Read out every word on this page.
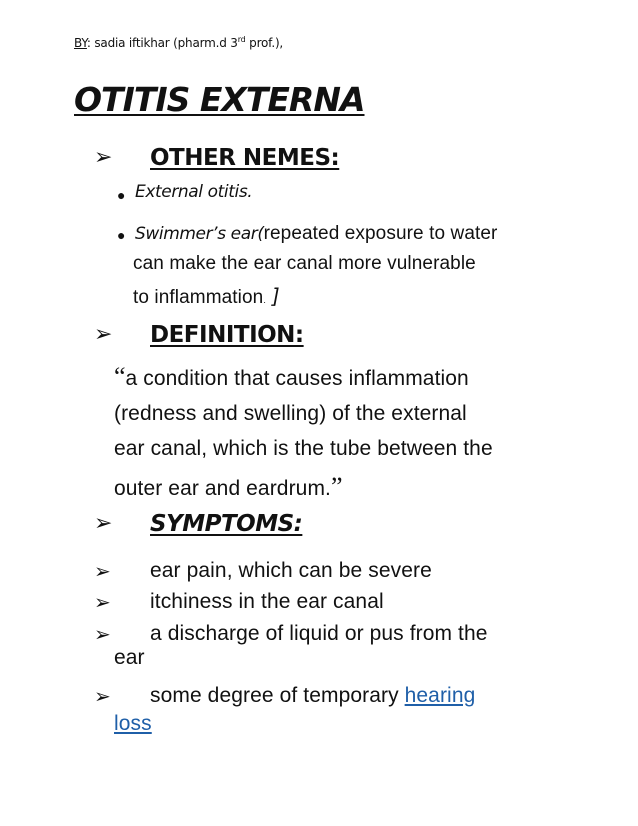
BY: sadia iftikhar (pharm.d 3rd prof.),
OTITIS EXTERNA
➢ OTHER NEMES:
● External otitis.
● Swimmer’s ear(repeated exposure to water
can make the ear canal more vulnerable
to inflammation. ]
➢ DEFINITION:
“a condition that causes inflammation
(redness and swelling) of the external
ear canal, which is the tube between the
outer ear and eardrum.”
➢ SYMPTOMS:
➢ ear pain, which can be severe
➢ itchiness in the ear canal
➢ a discharge of liquid or pus from the
ear
➢ some degree of temporary hearing
loss
